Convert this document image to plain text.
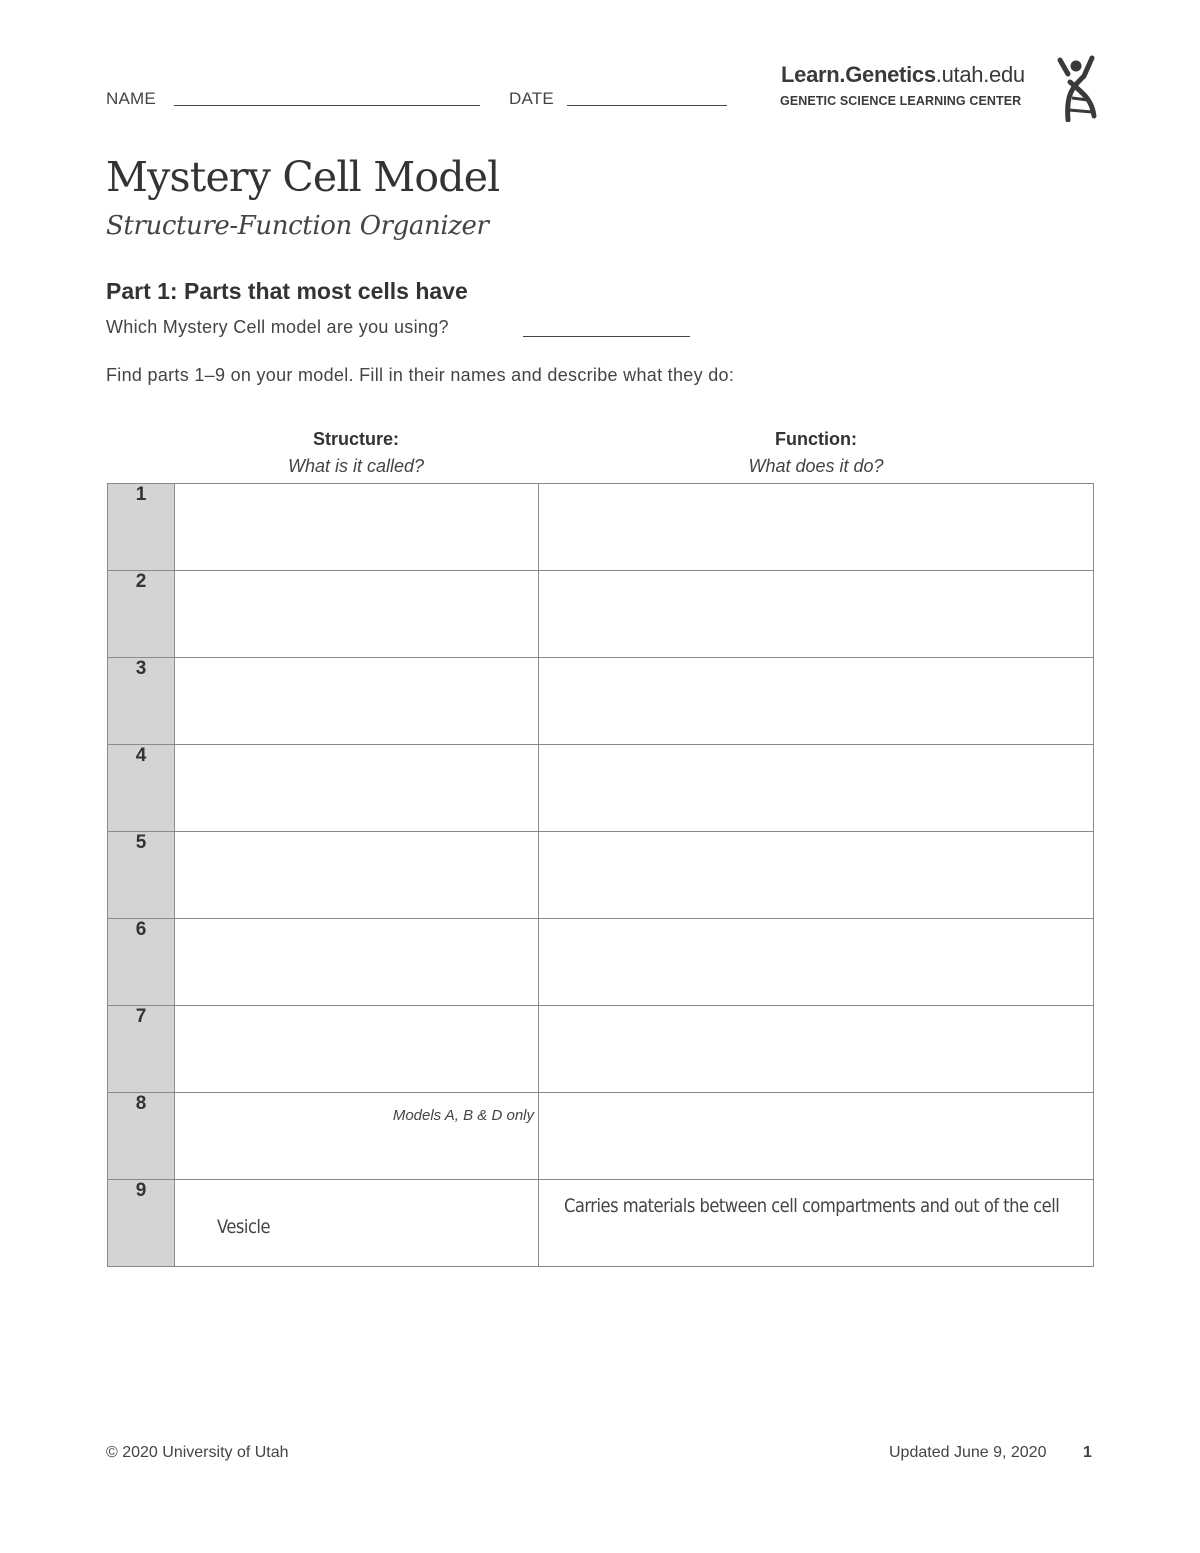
NAME	DATE
Learn.Genetics.utah.edu
GENETIC SCIENCE LEARNING CENTER
Mystery Cell Model
Structure-Function Organizer
Part 1: Parts that most cells have
Which Mystery Cell model are you using?
Find parts 1–9 on your model. Fill in their names and describe what they do:
Structure:
What is it called?
Function:
What does it do?
1		
2		
3		
4		
5		
6		
7		
8	Models A, B & D only	

9	Vesicle	Carries materials between cell compartments and out of the cell
© 2020 University of Utah	Updated June 9, 2020 1
